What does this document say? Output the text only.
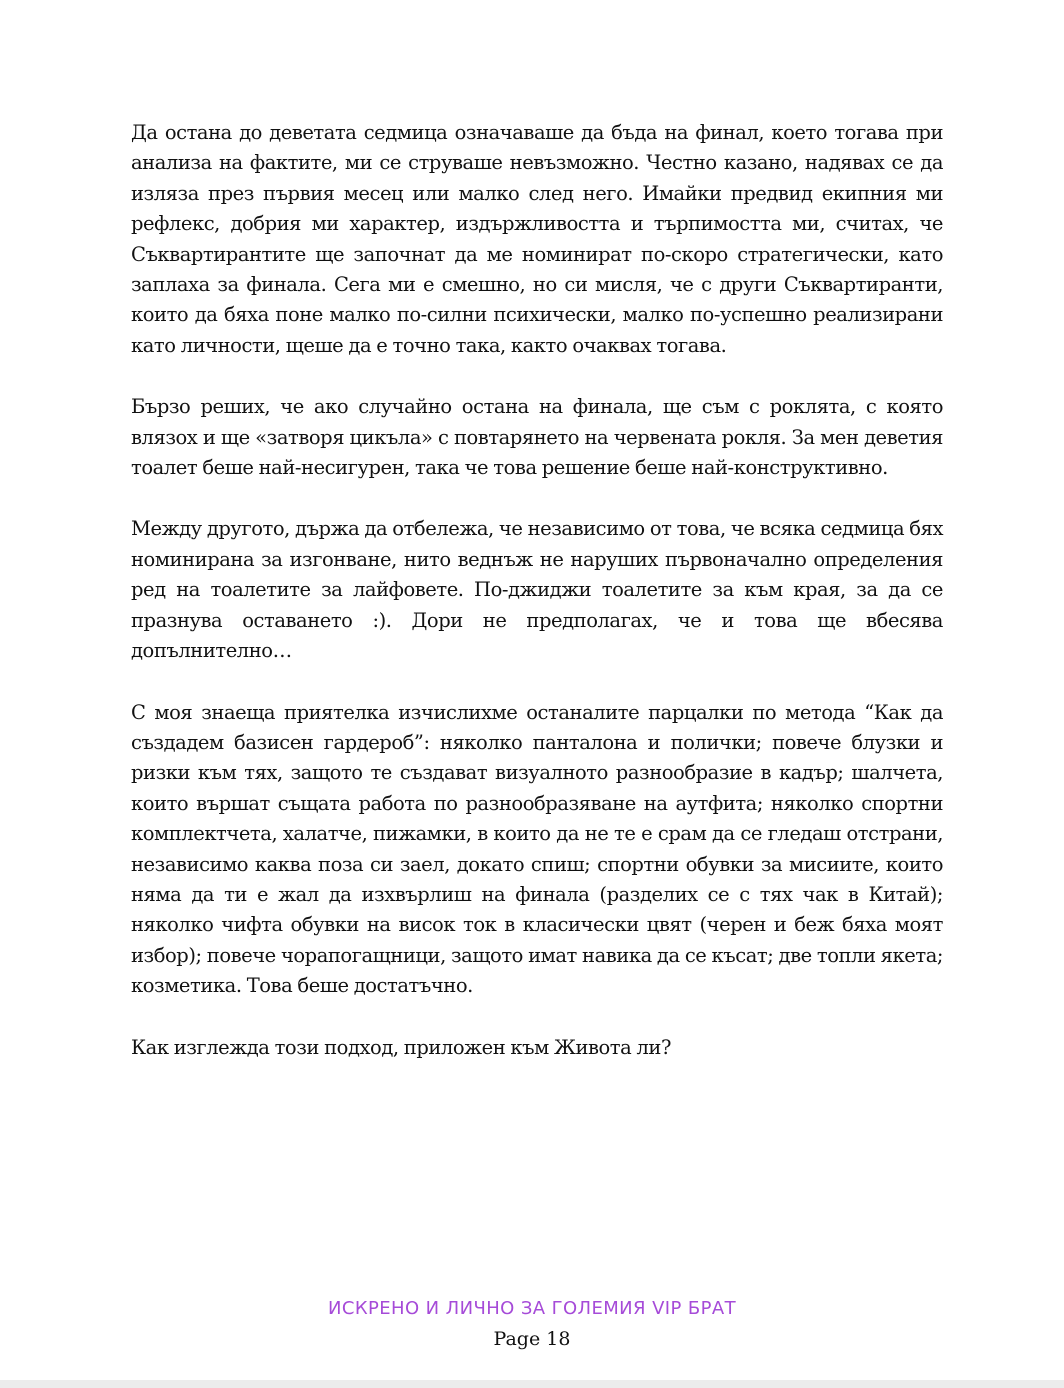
Да остана до деветата седмица означаваше да бъда на финал, което тогава при анализа на фактите, ми се струваше невъзможно. Честно казано, надявах се да изляза през първия месец или малко след него. Имайки предвид екипния ми рефлекс, добрия ми характер, издържливостта и търпимостта ми, считах, че Съквартирантите ще започнат да ме номинират по-скоро стратегически, като заплаха за финала. Сега ми е смешно, но си мисля, че с други Съквартиранти, които да бяха поне малко по-силни психически, малко по-успешно реализирани като личности, щеше да е точно така, както очаквах тогава.

Бързо реших, че ако случайно остана на финала, ще съм с роклята, с която влязох и ще «затворя цикъла» с повтарянето на червената рокля. За мен деветия тоалет беше най-несигурен, така че това решение беше най-конструктивно.

Между другото, държа да отбележа, че независимо от това, че всяка седмица бях номинирана за изгонване, нито веднъж не наруших първоначално определения ред на тоалетите за лайфовете. По-джиджи тоалетите за към края, за да се празнува оставането :). Дори не предполагах, че и това ще вбесява допълнително…

С моя знаеща приятелка изчислихме останалите парцалки по метода “Как да създадем базисен гардероб”: няколко панталона и полички; повече блузки и ризки към тях, защото те създават визуалното разнообразие в кадър; шалчета, които вършат същата работа по разнообразяване на аутфита; няколко спортни комплектчета, халатче, пижамки, в които да не те е срам да се гледаш отстрани, независимо каква поза си заел, докато спиш; спортни обувки за мисиите, които няма да ти е жал да изхвърлиш на финала (разделих се с тях чак в Китай); няколко чифта обувки на висок ток в класически цвят (черен и беж бяха моят избор); повече чорапогащници, защото имат навика да се късат; две топли якета; козметика. Това беше достатъчно.

Как изглежда този подход, приложен към Живота ли?

ИСКРЕНО И ЛИЧНО ЗА ГОЛЕМИЯ VIP БРАТ
Page 18
